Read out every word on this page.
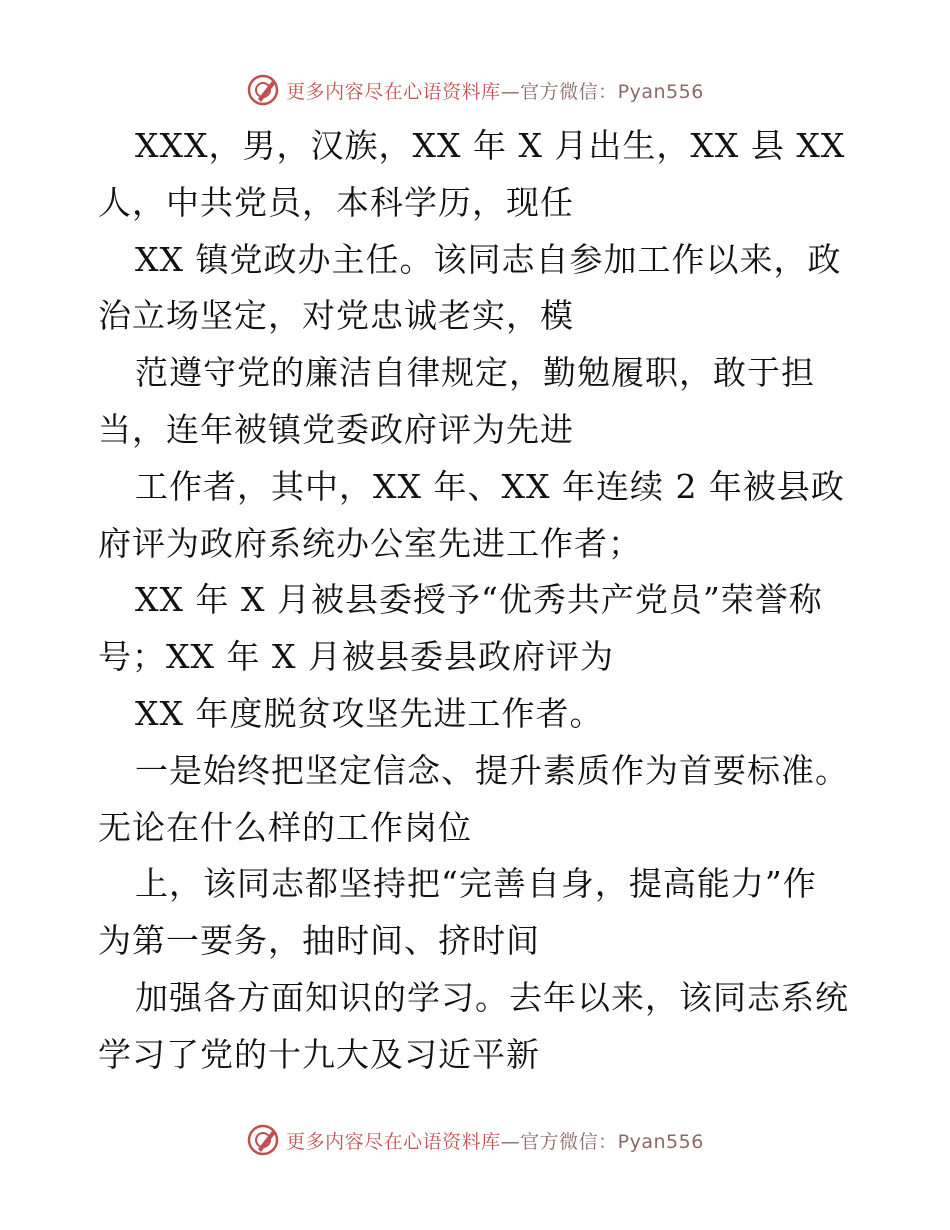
更多内容尽在心语资料库—官方微信：Pyan556
XXX，男，汉族，XX 年 X 月出生，XX 县 XX
人，中共党员，本科学历，现任
XX 镇党政办主任。该同志自参加工作以来，政
治立场坚定，对党忠诚老实，模
范遵守党的廉洁自律规定，勤勉履职，敢于担
当，连年被镇党委政府评为先进
工作者，其中，XX 年、XX 年连续 2 年被县政
府评为政府系统办公室先进工作者；
XX 年 X 月被县委授予“优秀共产党员”荣誉称
号；XX 年 X 月被县委县政府评为
XX 年度脱贫攻坚先进工作者。
一是始终把坚定信念、提升素质作为首要标准。
无论在什么样的工作岗位
上，该同志都坚持把“完善自身，提高能力”作
为第一要务，抽时间、挤时间
加强各方面知识的学习。去年以来，该同志系统
学习了党的十九大及习近平新
更多内容尽在心语资料库—官方微信：Pyan556
